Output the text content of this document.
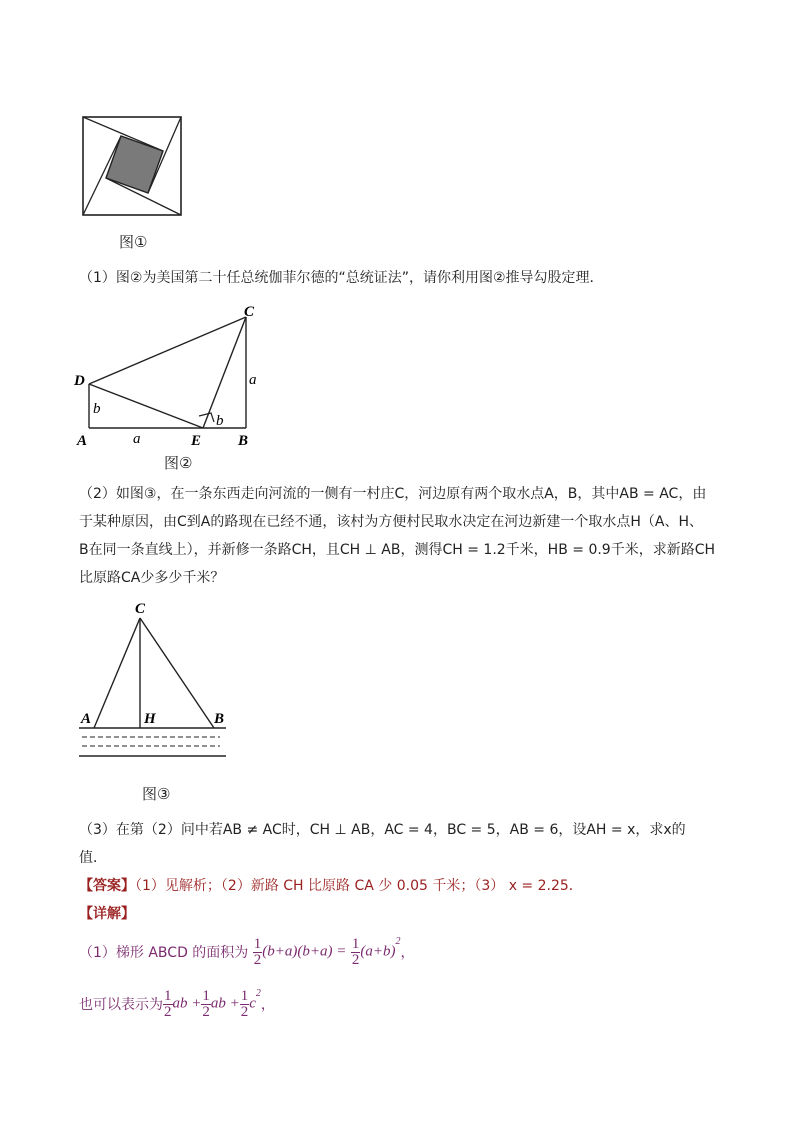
图①
（1）图②为美国第二十任总统伽菲尔德的“总统证法”，请你利用图②推导勾股定理．
C
D
A	E B
a
b
b
a
图②
（2）如图③，在一条东西走向河流的一侧有一村庄C，河边原有两个取水点A，B，其中AB = AC，由
于某种原因，由C到A的路现在已经不通，该村为方便村民取水决定在河边新建一个取水点H（A、H、
B在同一条直线上），并新修一条路CH，且CH ⊥ AB，测得CH = 1.2千米，HB = 0.9千米，求新路CH
比原路CA少多少千米？
C
A	H	B
图③
（3）在第（2）问中若AB ≠ AC时，CH ⊥ AB，AC = 4，BC = 5，AB = 6，设AH = x，求x的
值．
【答案】（1）见解析；（2）新路 CH 比原路 CA 少 0.05 千米；（3） x = 2.25．
【详解】
（1）梯形 ABCD 的面积为 $\frac{1}{2} (b+a)(b+a) = \frac{1}{2} (a+b)^2$，
也可以表示为 $\frac{1}{2}$ ab + $\frac{1}{2}$ ab + $\frac{1}{2} c^2$，
